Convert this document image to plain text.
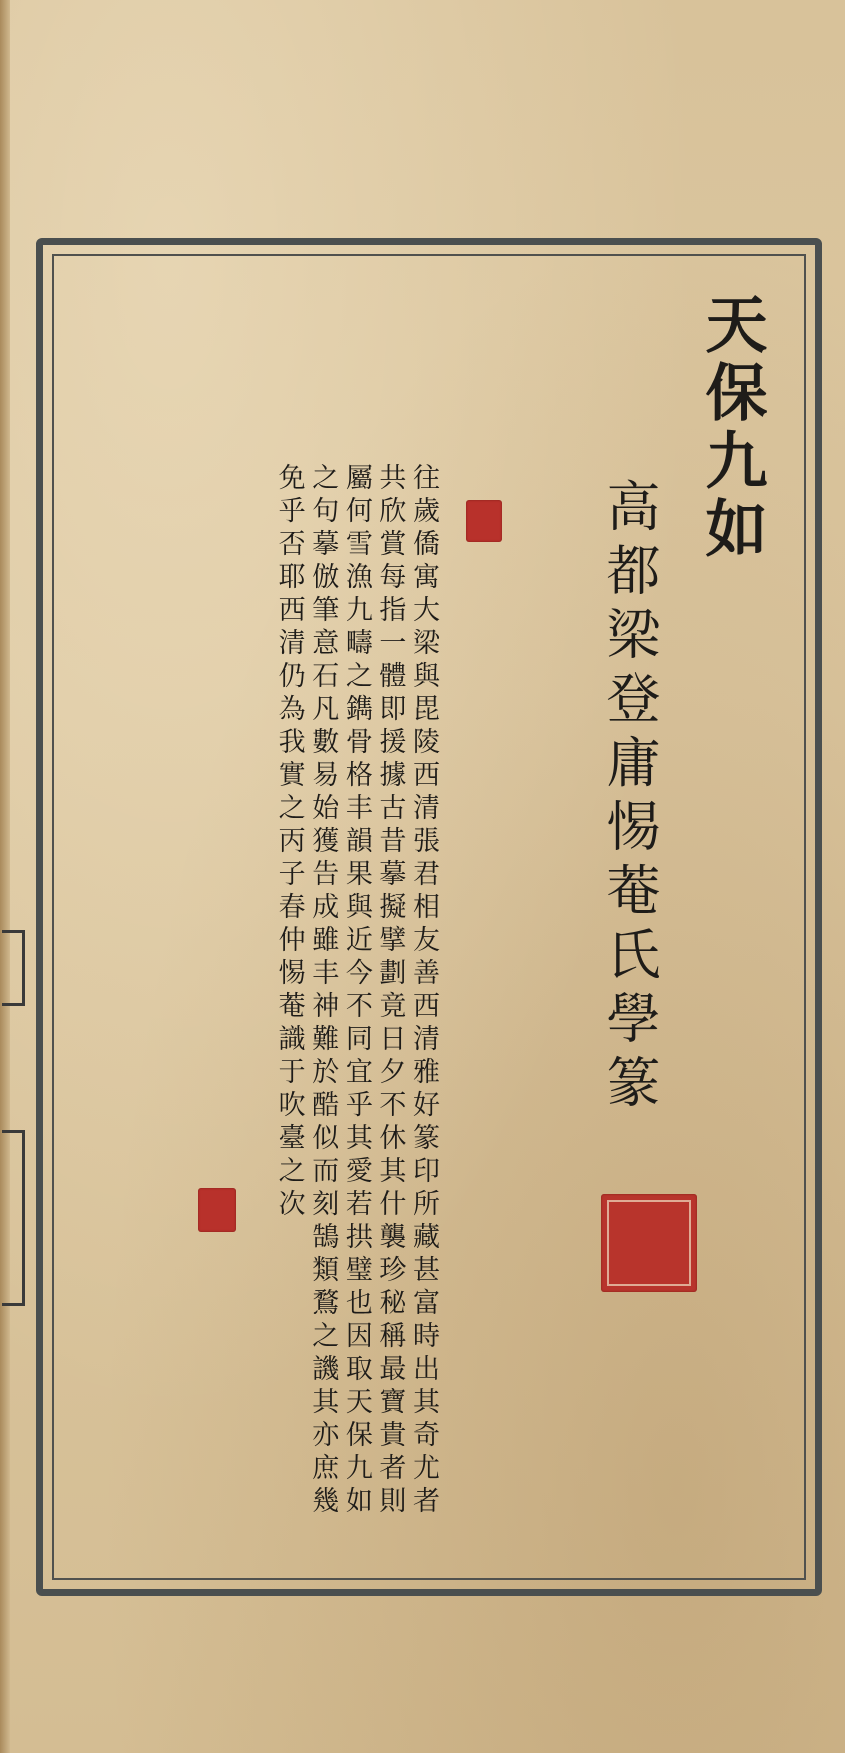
天保九如

高都梁登庸惕菴氏學篆

往歲僑寓大梁與毘陵西清張君相友善西清雅好篆印所藏甚富時出其奇尤者共欣賞每指一體即援據古昔摹擬擘劃竟日夕不休其什襲珍秘稱最寶貴者則屬何雪漁九疇之鐫骨格丰韻果與近今不同宜乎其愛若拱璧也因取天保九如之句摹倣筆意石凡數易始獲告成雖丰神難於酷似而刻鵠類鶩之譏其亦庶幾免乎否耶西清仍為我實之丙子春仲惕菴識于吹臺之次
